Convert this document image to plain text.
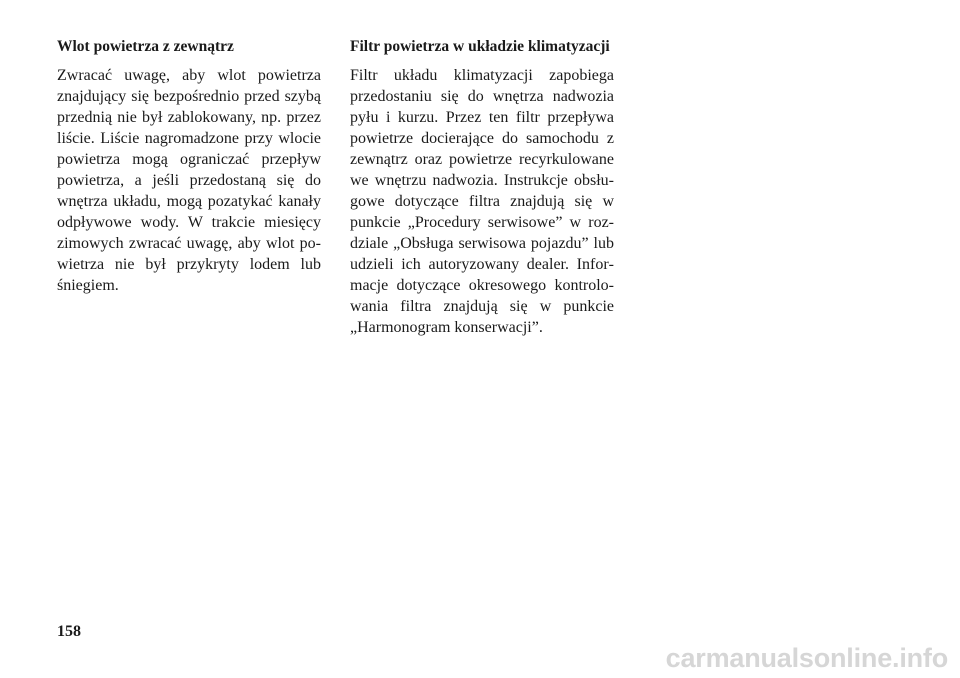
Wlot powietrza z zewnątrz

Zwracać uwagę, aby wlot powietrza znajdujący się bezpośrednio przed szybą przednią nie był zablokowany, np. przez liście. Liście nagromadzone przy wlocie powietrza mogą ograniczać przepływ powietrza, a jeśli przedostaną się do wnętrza układu, mogą pozatykać kanały odpływowe wody. W trakcie miesięcy zimowych zwracać uwagę, aby wlot powietrza nie był przykryty lodem lub śniegiem.

Filtr powietrza w układzie klimatyzacji

Filtr układu klimatyzacji zapobiega przedostaniu się do wnętrza nadwozia pyłu i kurzu. Przez ten filtr przepływa powietrze docierające do samochodu z zewnątrz oraz powietrze recyrkulowane we wnętrzu nadwozia. Instrukcje obsługowe dotyczące filtra znajdują się w punkcie „Procedury serwisowe” w rozdziale „Obsługa serwisowa pojazdu” lub udzieli ich autoryzowany dealer. Informacje dotyczące okresowego kontrolowania filtra znajdują się w punkcie „Harmonogram konserwacji”.

158
carmanualsonline.info
